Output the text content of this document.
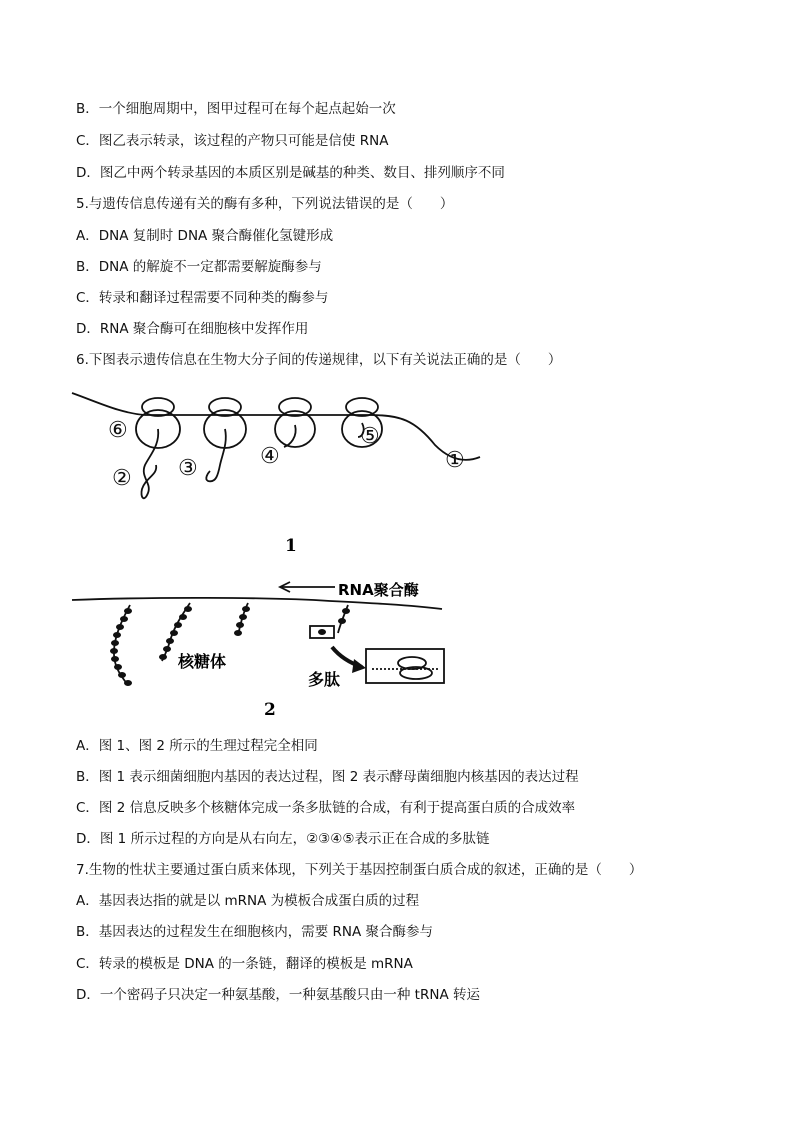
B．一个细胞周期中，图甲过程可在每个起点起始一次
C．图乙表示转录，该过程的产物只可能是信使 RNA
D．图乙中两个转录基因的本质区别是碱基的种类、数目、排列顺序不同
5.与遗传信息传递有关的酶有多种，下列说法错误的是（　　）
A．DNA 复制时 DNA 聚合酶催化氢键形成
B．DNA 的解旋不一定都需要解旋酶参与
C．转录和翻译过程需要不同种类的酶参与
D．RNA 聚合酶可在细胞核中发挥作用
6.下图表示遗传信息在生物大分子间的传递规律，以下有关说法正确的是（　　）
⑥
② ③	④
⑤
①
1
RNA聚合酶
核糖体
多肽
2
A．图 1、图 2 所示的生理过程完全相同
B．图 1 表示细菌细胞内基因的表达过程，图 2 表示酵母菌细胞内核基因的表达过程
C．图 2 信息反映多个核糖体完成一条多肽链的合成，有利于提高蛋白质的合成效率
D．图 1 所示过程的方向是从右向左，②③④⑤表示正在合成的多肽链
7.生物的性状主要通过蛋白质来体现，下列关于基因控制蛋白质合成的叙述，正确的是（　　）
A．基因表达指的就是以 mRNA 为模板合成蛋白质的过程
B．基因表达的过程发生在细胞核内，需要 RNA 聚合酶参与
C．转录的模板是 DNA 的一条链，翻译的模板是 mRNA
D．一个密码子只决定一种氨基酸，一种氨基酸只由一种 tRNA 转运
